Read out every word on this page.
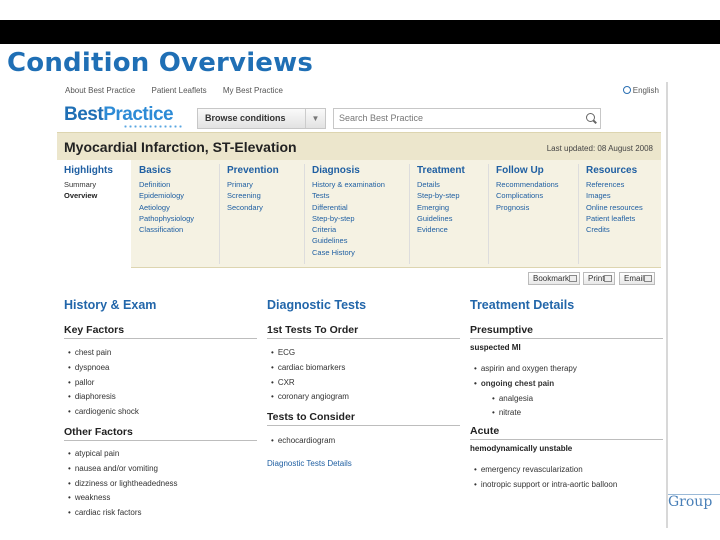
Condition Overviews
About Best Practice Patient Leaflets My Best Practice	English
BestPractice	Browse conditions	▼	Search Best Practice
Myocardial Infarction, ST-Elevation	Last updated: 08 August 2008
Highlights
Summary
Overview
Basics
Definition
Epidemiology
Aetiology
Pathophysiology
Classification
Prevention
Primary
Screening
Secondary
Diagnosis
History & examination
Tests
Differential
Step-by-step
Criteria
Guidelines
Case History
Treatment
Details
Step-by-step
Emerging
Guidelines
Evidence
Follow Up
Recommendations
Complications
Prognosis
Resources
References
Images
Online resources
Patient leaflets
Credits
Bookmark	Print	Email
History & Exam
Key Factors
• chest pain
• dyspnoea
• pallor
• diaphoresis
• cardiogenic shock
Other Factors
• atypical pain
• nausea and/or vomiting
• dizziness or lightheadedness
• weakness
• cardiac risk factors
Diagnostic Tests
1st Tests To Order
• ECG
• cardiac biomarkers
• CXR
• coronary angiogram
Tests to Consider
• echocardiogram
Diagnostic Tests Details
Treatment Details
Presumptive
suspected MI
• aspirin and oxygen therapy
• ongoing chest pain
• analgesia
• nitrate
Acute
hemodynamically unstable
• emergency revascularization
• inotropic support or intra-aortic balloon
Group
